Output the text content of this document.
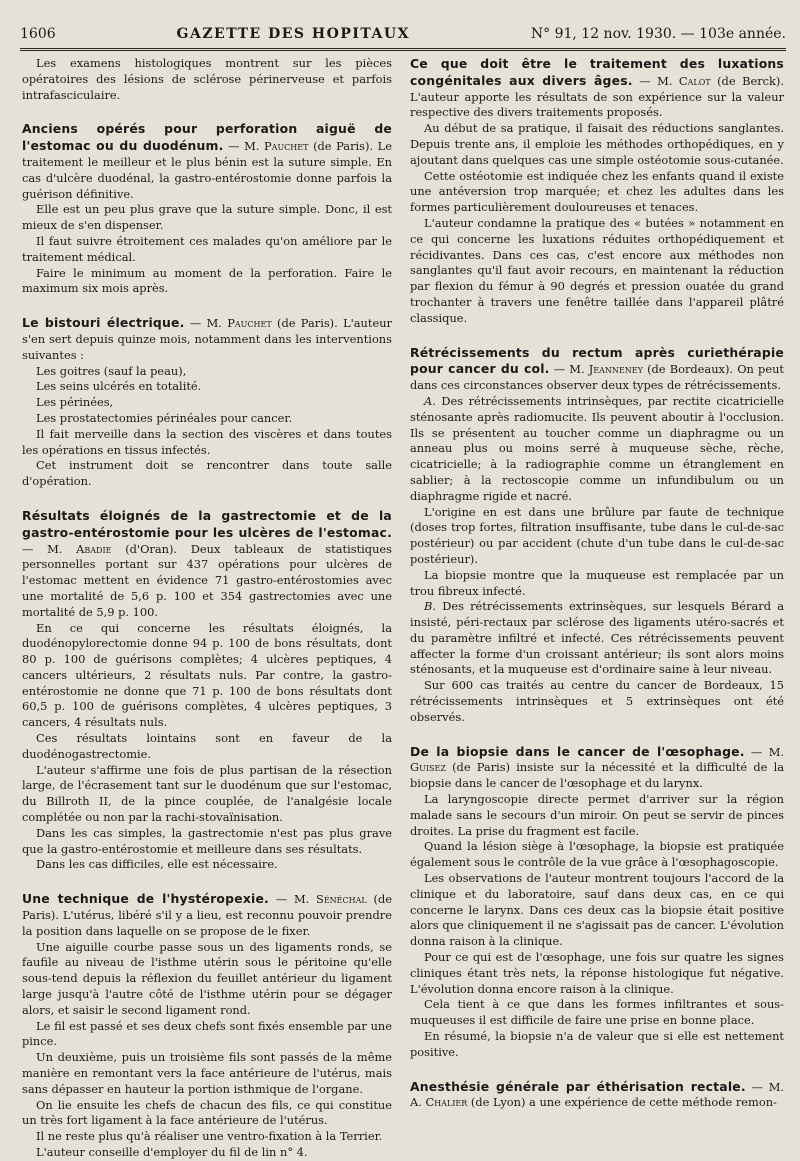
1606	GAZETTE DES HOPITAUX	N° 91, 12 nov. 1930. — 103e année.

Les examens histologiques montrent sur les pièces opératoires des lésions de sclérose périnerveuse et parfois intrafasciculaire.

Anciens opérés pour perforation aiguë de l'estomac ou du duodénum. — M. Pauchet (de Paris). Le traitement le meilleur et le plus bénin est la suture simple. En cas d'ulcère duodénal, la gastro-entérostomie donne parfois la guérison définitive.

Elle est un peu plus grave que la suture simple. Donc, il est mieux de s'en dispenser.

Il faut suivre étroitement ces malades qu'on améliore par le traitement médical.

Faire le minimum au moment de la perforation. Faire le maximum six mois après.

Le bistouri électrique. — M. Pauchet (de Paris). L'auteur s'en sert depuis quinze mois, notamment dans les interventions suivantes :

Les goitres (sauf la peau),

Les seins ulcérés en totalité.

Les périnées,

Les prostatectomies périnéales pour cancer.

Il fait merveille dans la section des viscères et dans toutes les opérations en tissus infectés.

Cet instrument doit se rencontrer dans toute salle d'opération.

Résultats éloignés de la gastrectomie et de la gastro-entérostomie pour les ulcères de l'estomac. — M. Abadie (d'Oran). Deux tableaux de statistiques personnelles portant sur 437 opérations pour ulcères de l'estomac mettent en évidence 71 gastro-entérostomies avec une mortalité de 5,6 p. 100 et 354 gastrectomies avec une mortalité de 5,9 p. 100.

En ce qui concerne les résultats éloignés, la duodénopylorectomie donne 94 p. 100 de bons résultats, dont 80 p. 100 de guérisons complètes; 4 ulcères peptiques, 4 cancers ultérieurs, 2 résultats nuls. Par contre, la gastro-entérostomie ne donne que 71 p. 100 de bons résultats dont 60,5 p. 100 de guérisons complètes, 4 ulcères peptiques, 3 cancers, 4 résultats nuls.

Ces résultats lointains sont en faveur de la duodénogastrectomie.

L'auteur s'affirme une fois de plus partisan de la résection large, de l'écrasement tant sur le duodénum que sur l'estomac, du Billroth II, de la pince couplée, de l'analgésie locale complétée ou non par la rachi-stovaïnisation.

Dans les cas simples, la gastrectomie n'est pas plus grave que la gastro-entérostomie et meilleure dans ses résultats.

Dans les cas difficiles, elle est nécessaire.

Une technique de l'hystéropexie. — M. Sénéchal (de Paris). L'utérus, libéré s'il y a lieu, est reconnu pouvoir prendre la position dans laquelle on se propose de le fixer.

Une aiguille courbe passe sous un des ligaments ronds, se faufile au niveau de l'isthme utérin sous le péritoine qu'elle sous-tend depuis la réflexion du feuillet antérieur du ligament large jusqu'à l'autre côté de l'isthme utérin pour se dégager alors, et saisir le second ligament rond.

Le fil est passé et ses deux chefs sont fixés ensemble par une pince.

Un deuxième, puis un troisième fils sont passés de la même manière en remontant vers la face antérieure de l'utérus, mais sans dépasser en hauteur la portion isthmique de l'organe.

On lie ensuite les chefs de chacun des fils, ce qui constitue un très fort ligament à la face antérieure de l'utérus.

Il ne reste plus qu'à réaliser une ventro-fixation à la Terrier.

L'auteur conseille d'employer du fil de lin n° 4.

Ce que doit être le traitement des luxations congénitales aux divers âges. — M. Calot (de Berck). L'auteur apporte les résultats de son expérience sur la valeur respective des divers traitements proposés.

Au début de sa pratique, il faisait des réductions sanglantes. Depuis trente ans, il emploie les méthodes orthopédiques, en y ajoutant dans quelques cas une simple ostéotomie sous-cutanée.

Cette ostéotomie est indiquée chez les enfants quand il existe une antéversion trop marquée; et chez les adultes dans les formes particulièrement douloureuses et tenaces.

L'auteur condamne la pratique des « butées » notamment en ce qui concerne les luxations réduites orthopédiquement et récidivantes. Dans ces cas, c'est encore aux méthodes non sanglantes qu'il faut avoir recours, en maintenant la réduction par flexion du fémur à 90 degrés et pression ouatée du grand trochanter à travers une fenêtre taillée dans l'appareil plâtré classique.

Rétrécissements du rectum après curiethérapie pour cancer du col. — M. Jeanneney (de Bordeaux). On peut dans ces circonstances observer deux types de rétrécissements.

A. Des rétrécissements intrinsèques, par rectite cicatricielle sténosante après radiomucite. Ils peuvent aboutir à l'occlusion. Ils se présentent au toucher comme un diaphragme ou un anneau plus ou moins serré à muqueuse sèche, rèche, cicatricielle; à la radiographie comme un étranglement en sablier; à la rectoscopie comme un infundibulum ou un diaphragme rigide et nacré.

L'origine en est dans une brûlure par faute de technique (doses trop fortes, filtration insuffisante, tube dans le cul-de-sac postérieur) ou par accident (chute d'un tube dans le cul-de-sac postérieur).

La biopsie montre que la muqueuse est remplacée par un trou fibreux infecté.

B. Des rétrécissements extrinsèques, sur lesquels Bérard a insisté, péri-rectaux par sclérose des ligaments utéro-sacrés et du paramètre infiltré et infecté. Ces rétrécissements peuvent affecter la forme d'un croissant antérieur; ils sont alors moins sténosants, et la muqueuse est d'ordinaire saine à leur niveau.

Sur 600 cas traités au centre du cancer de Bordeaux, 15 rétrécissements intrinsèques et 5 extrinsèques ont été observés.

De la biopsie dans le cancer de l'œsophage. — M. Guisez (de Paris) insiste sur la nécessité et la difficulté de la biopsie dans le cancer de l'œsophage et du larynx.

La laryngoscopie directe permet d'arriver sur la région malade sans le secours d'un miroir. On peut se servir de pinces droites. La prise du fragment est facile.

Quand la lésion siège à l'œsophage, la biopsie est pratiquée également sous le contrôle de la vue grâce à l'œsophagoscopie.

Les observations de l'auteur montrent toujours l'accord de la clinique et du laboratoire, sauf dans deux cas, en ce qui concerne le larynx. Dans ces deux cas la biopsie était positive alors que cliniquement il ne s'agissait pas de cancer. L'évolution donna raison à la clinique.

Pour ce qui est de l'œsophage, une fois sur quatre les signes cliniques étant très nets, la réponse histologique fut négative. L'évolution donna encore raison à la clinique.

Cela tient à ce que dans les formes infiltrantes et sous-muqueuses il est difficile de faire une prise en bonne place.

En résumé, la biopsie n'a de valeur que si elle est nettement positive.

Anesthésie générale par éthérisation rectale. — M. A. Chalier (de Lyon) a une expérience de cette méthode remon-
